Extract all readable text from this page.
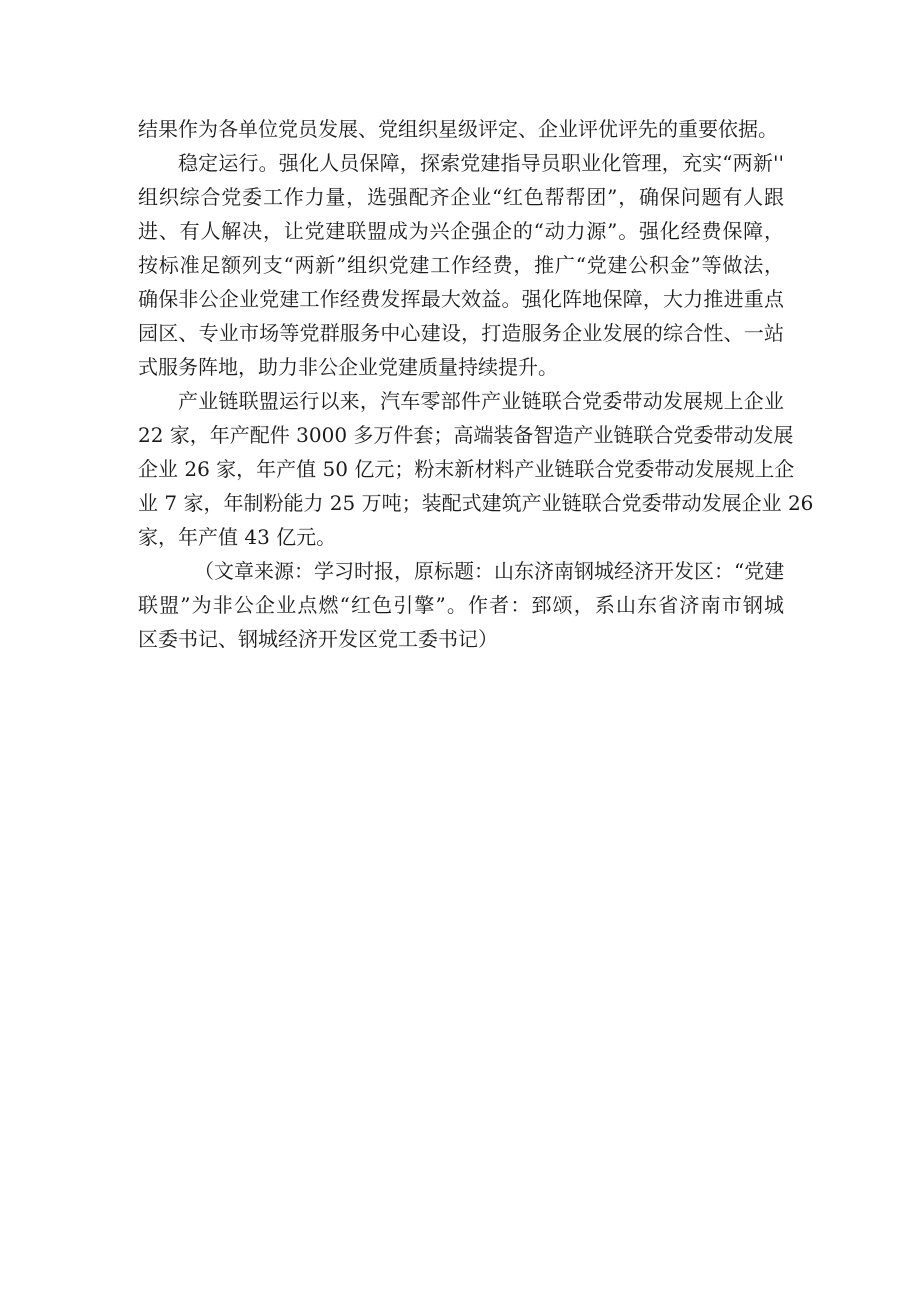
结果作为各单位党员发展、党组织星级评定、企业评优评先的重要依据。
稳定运行。强化人员保障，探索党建指导员职业化管理，充实“两新''
组织综合党委工作力量，选强配齐企业“红色帮帮团”，确保问题有人跟
进、有人解决，让党建联盟成为兴企强企的“动力源”。强化经费保障，
按标准足额列支“两新”组织党建工作经费，推广“党建公积金”等做法，
确保非公企业党建工作经费发挥最大效益。强化阵地保障，大力推进重点
园区、专业市场等党群服务中心建设，打造服务企业发展的综合性、一站
式服务阵地，助力非公企业党建质量持续提升。
产业链联盟运行以来，汽车零部件产业链联合党委带动发展规上企业
22 家，年产配件 3000 多万件套；高端装备智造产业链联合党委带动发展
企业 26 家，年产值 50 亿元；粉末新材料产业链联合党委带动发展规上企
业 7 家，年制粉能力 25 万吨；装配式建筑产业链联合党委带动发展企业 26
家，年产值 43 亿元。
（文章来源：学习时报，原标题：山东济南钢城经济开发区：“党建
联盟”为非公企业点燃“红色引擎”。作者：郅颂，系山东省济南市钢城
区委书记、钢城经济开发区党工委书记）
